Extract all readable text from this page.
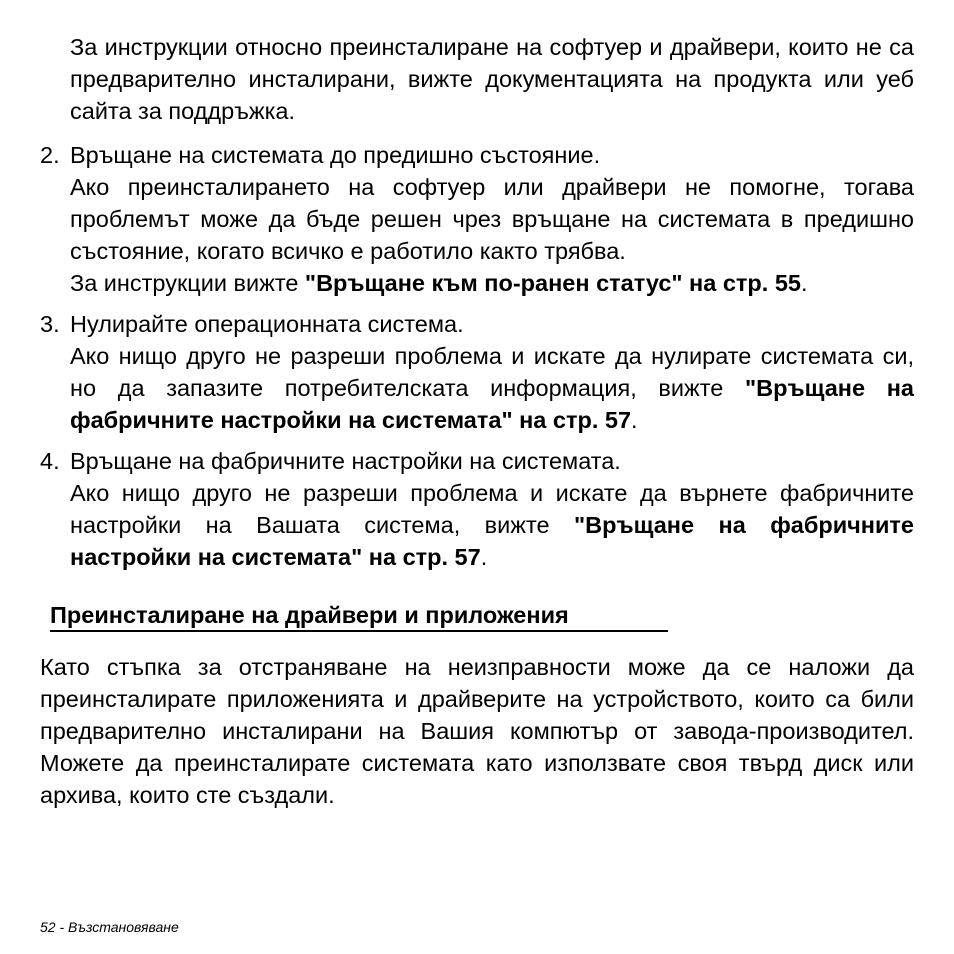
За инструкции относно преинсталиране на софтуер и драйвери, които не са предварително инсталирани, вижте документацията на продукта или уеб сайта за поддръжка.

2. Връщане на системата до предишно състояние.
Ако преинсталирането на софтуер или драйвери не помогне, тогава проблемът може да бъде решен чрез връщане на системата в предишно състояние, когато всичко е работило както трябва.
За инструкции вижте "Връщане към по-ранен статус" на стр. 55.
3. Нулирайте операционната система.
Ако нищо друго не разреши проблема и искате да нулирате системата си, но да запазите потребителската информация, вижте "Връщане на фабричните настройки на системата" на стр. 57.
4. Връщане на фабричните настройки на системата.
Ако нищо друго не разреши проблема и искате да върнете фабричните настройки на Вашата система, вижте "Връщане на фабричните настройки на системата" на стр. 57.
Преинсталиране на драйвери и приложения

Като стъпка за отстраняване на неизправности може да се наложи да преинсталирате приложенията и драйверите на устройството, които са били предварително инсталирани на Вашия компютър от завода-производител. Можете да преинсталирате системата като използвате своя твърд диск или архива, които сте създали.

52 - Възстановяване
